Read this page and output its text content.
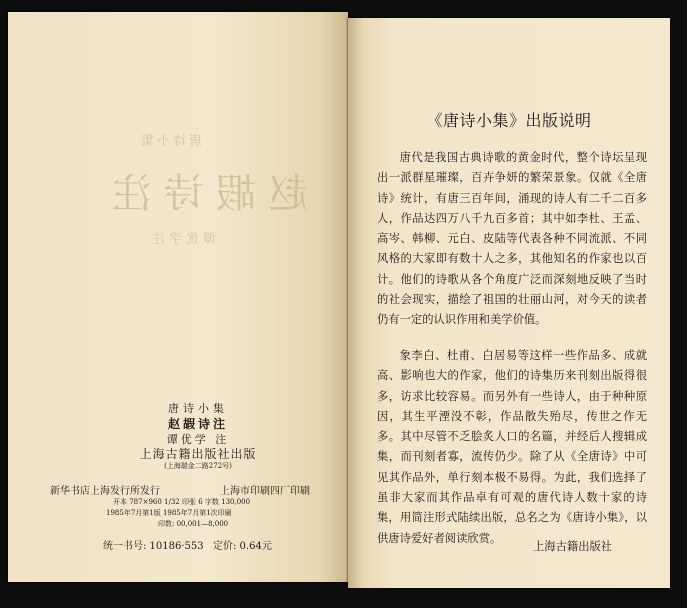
唐诗小集
赵嘏诗注
谭优学注
唐诗小集
赵嘏诗注
谭优学 注
上海古籍出版社出版
(上海瑞金二路272号)
新华书店上海发行所发行	上海市印刷四厂印刷
开本 787×960 1/32 印张 6 字数 130,000
1985年7月第1版 1985年7月第1次印刷
印数: 00,001—8,000
统一书号: 10186·553 定价: 0.64元
《唐诗小集》出版说明

唐代是我国古典诗歌的黄金时代，整个诗坛呈现出一派群星璀璨，百卉争妍的繁荣景象。仅就《全唐诗》统计，有唐三百年间，涌现的诗人有二千二百多人，作品达四万八千九百多首；其中如李杜、王孟、高岑、韩柳、元白、皮陆等代表各种不同流派、不同风格的大家即有数十人之多，其他知名的作家也以百计。他们的诗歌从各个角度广泛而深刻地反映了当时的社会现实，描绘了祖国的壮丽山河，对今天的读者仍有一定的认识作用和美学价值。

象李白、杜甫、白居易等这样一些作品多、成就高、影响也大的作家，他们的诗集历来刊刻出版得很多，访求比较容易。而另外有一些诗人，由于种种原因，其生平湮没不彰，作品散失殆尽，传世之作无多。其中尽管不乏脍炙人口的名篇，并经后人搜辑成集，而刊刻者寡，流传仍少。除了从《全唐诗》中可见其作品外，单行刻本极不易得。为此，我们选择了虽非大家而其作品卓有可观的唐代诗人数十家的诗集，用简注形式陆续出版，总名之为《唐诗小集》，以供唐诗爱好者阅读欣赏。

上海古籍出版社
